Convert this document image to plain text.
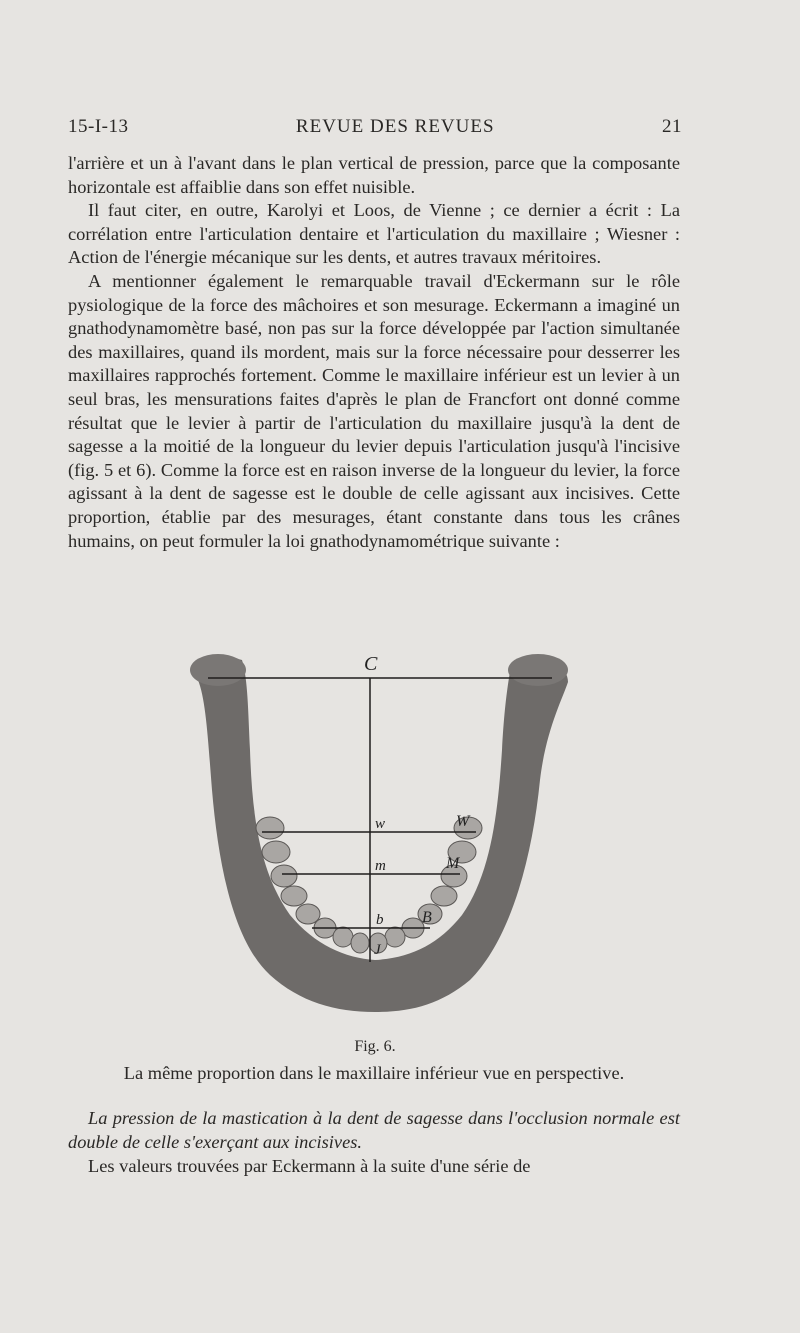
15-I-13	REVUE DES REVUES	21

l'arrière et un à l'avant dans le plan vertical de pression, parce que la composante horizontale est affaiblie dans son effet nuisible.

Il faut citer, en outre, Karolyi et Loos, de Vienne ; ce dernier a écrit : La corrélation entre l'articulation dentaire et l'articulation du maxillaire ; Wiesner : Action de l'énergie mécanique sur les dents, et autres travaux méritoires.

A mentionner également le remarquable travail d'Eckermann sur le rôle pysiologique de la force des mâchoires et son mesurage. Eckermann a imaginé un gnathodynamomètre basé, non pas sur la force développée par l'action simultanée des maxillaires, quand ils mordent, mais sur la force nécessaire pour desserrer les maxillaires rapprochés fortement. Comme le maxillaire inférieur est un levier à un seul bras, les mensurations faites d'après le plan de Francfort ont donné comme résultat que le levier à partir de l'articulation du maxillaire jusqu'à la dent de sagesse a la moitié de la longueur du levier depuis l'articulation jusqu'à l'incisive (fig. 5 et 6). Comme la force est en raison inverse de la longueur du levier, la force agissant à la dent de sagesse est le double de celle agissant aux incisives. Cette proportion, établie par des mesurages, étant constante dans tous les crânes humains, on peut formuler la loi gnathodynamométrique suivante :

C
w	W
m	M
b B
J
Fig. 6.
La même proportion dans le maxillaire inférieur vue en perspective.

La pression de la mastication à la dent de sagesse dans l'occlusion normale est double de celle s'exerçant aux incisives.

Les valeurs trouvées par Eckermann à la suite d'une série de
